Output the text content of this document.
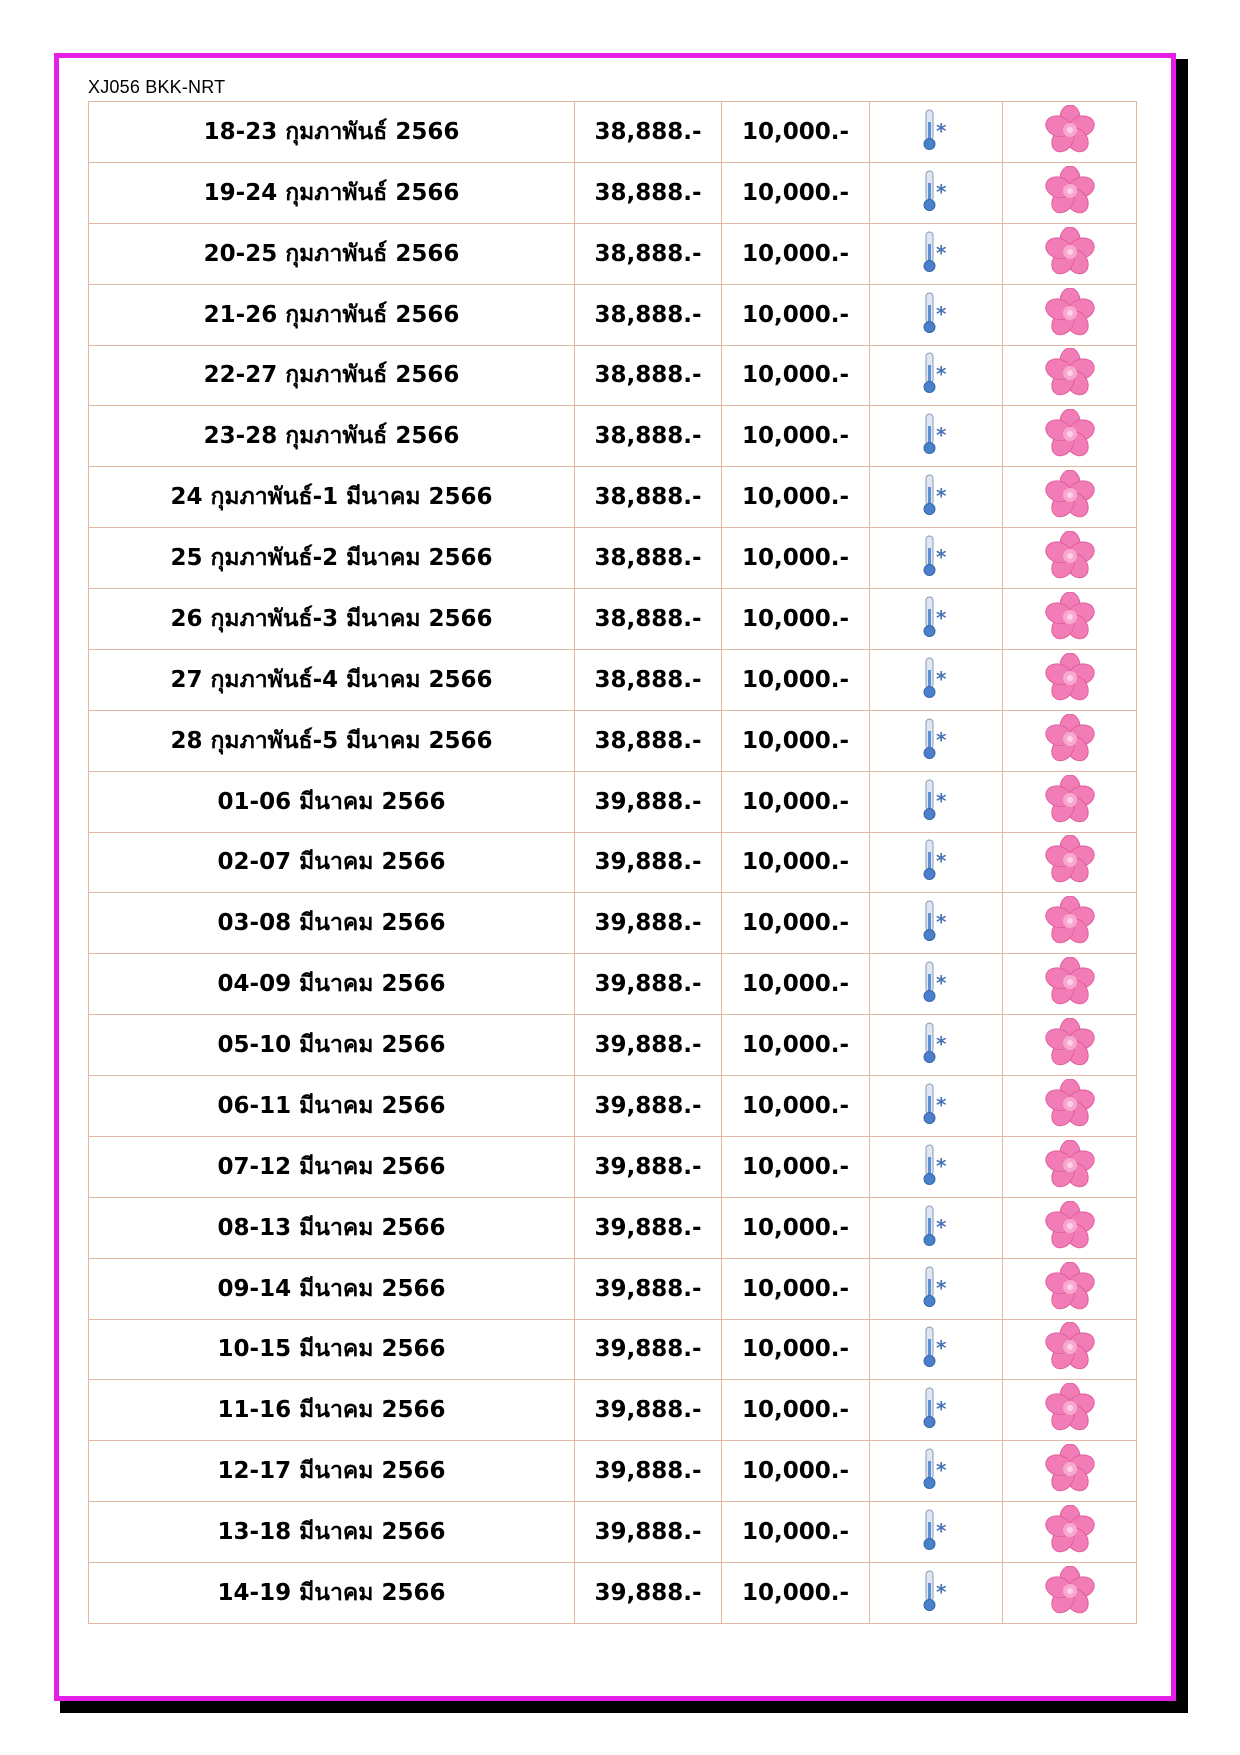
XJ056 BKK-NRT
18-23 กุมภาพันธ์ 2566	38,888.-	10,000.-	*

19-24 กุมภาพันธ์ 2566	38,888.-	10,000.-	*

20-25 กุมภาพันธ์ 2566	38,888.-	10,000.-	*

21-26 กุมภาพันธ์ 2566	38,888.-	10,000.-	*

22-27 กุมภาพันธ์ 2566	38,888.-	10,000.-	*

23-28 กุมภาพันธ์ 2566	38,888.-	10,000.-	*

24 กุมภาพันธ์-1 มีนาคม 2566	38,888.-	10,000.-	*

25 กุมภาพันธ์-2 มีนาคม 2566	38,888.-	10,000.-	*

26 กุมภาพันธ์-3 มีนาคม 2566	38,888.-	10,000.-	*

27 กุมภาพันธ์-4 มีนาคม 2566	38,888.-	10,000.-	*

28 กุมภาพันธ์-5 มีนาคม 2566	38,888.-	10,000.-	*

01-06 มีนาคม 2566	39,888.-	10,000.-	*

02-07 มีนาคม 2566	39,888.-	10,000.-	*

03-08 มีนาคม 2566	39,888.-	10,000.-	*

04-09 มีนาคม 2566	39,888.-	10,000.-	*

05-10 มีนาคม 2566	39,888.-	10,000.-	*

06-11 มีนาคม 2566	39,888.-	10,000.-	*

07-12 มีนาคม 2566	39,888.-	10,000.-	*

08-13 มีนาคม 2566	39,888.-	10,000.-	*

09-14 มีนาคม 2566	39,888.-	10,000.-	*

10-15 มีนาคม 2566	39,888.-	10,000.-	*

11-16 มีนาคม 2566	39,888.-	10,000.-	*

12-17 มีนาคม 2566	39,888.-	10,000.-	*

13-18 มีนาคม 2566	39,888.-	10,000.-	*

14-19 มีนาคม 2566	39,888.-	10,000.-	*
